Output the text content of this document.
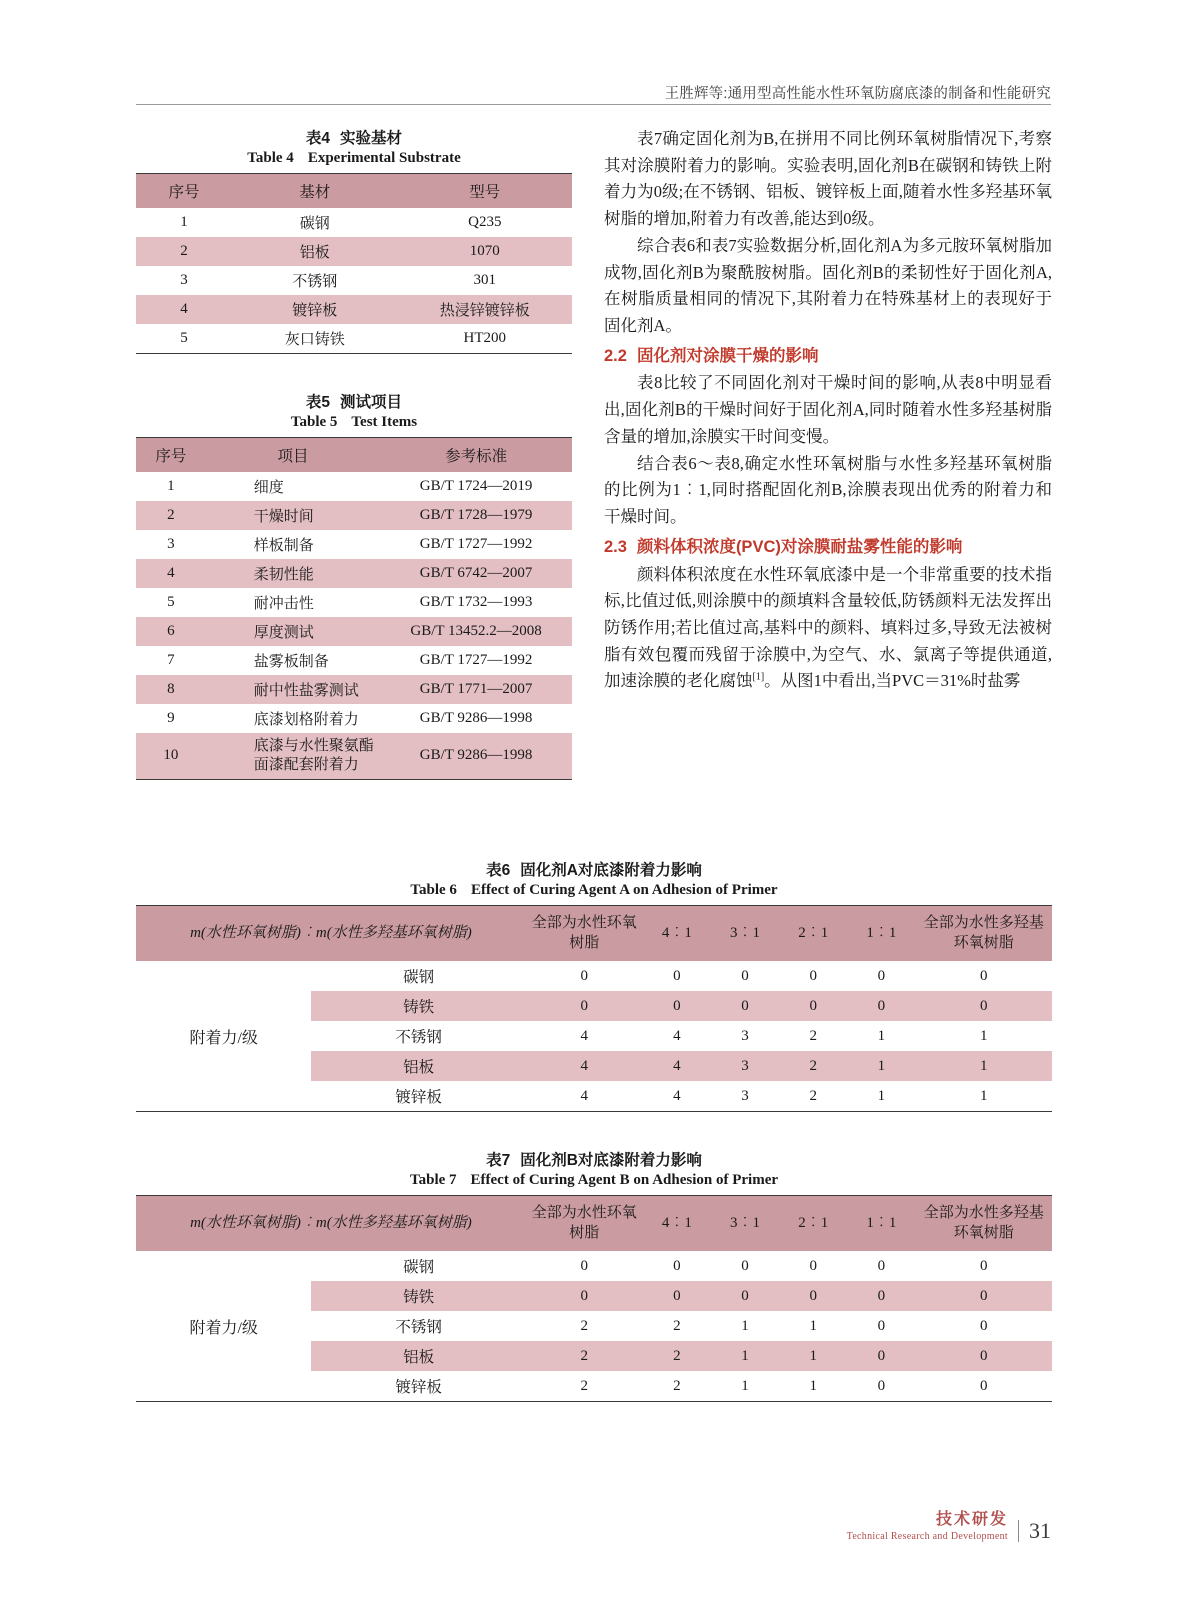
王胜辉等:通用型高性能水性环氧防腐底漆的制备和性能研究
表4 实验基材
Table 4 Experimental Substrate
序号	基材	型号
1	碳钢	Q235
2	铝板	1070
3	不锈钢	301
4	镀锌板	热浸锌镀锌板
5	灰口铸铁	HT200
表5 测试项目
Table 5 Test Items
序号	项目	参考标准
1	细度	GB/T 1724—2019
2	干燥时间	GB/T 1728—1979
3	样板制备	GB/T 1727—1992
4	柔韧性能	GB/T 6742—2007
5	耐冲击性	GB/T 1732—1993
6	厚度测试	GB/T 13452.2—2008
7	盐雾板制备	GB/T 1727—1992
8	耐中性盐雾测试	GB/T 1771—2007
9	底漆划格附着力	GB/T 9286—1998
10	底漆与水性聚氨酯面漆配套附着力	GB/T 9286—1998

表7确定固化剂为B,在拼用不同比例环氧树脂情况下,考察其对涂膜附着力的影响。实验表明,固化剂B在碳钢和铸铁上附着力为0级;在不锈钢、铝板、镀锌板上面,随着水性多羟基环氧树脂的增加,附着力有改善,能达到0级。

综合表6和表7实验数据分析,固化剂A为多元胺环氧树脂加成物,固化剂B为聚酰胺树脂。固化剂B的柔韧性好于固化剂A,在树脂质量相同的情况下,其附着力在特殊基材上的表现好于固化剂A。

2.2 固化剂对涂膜干燥的影响

表8比较了不同固化剂对干燥时间的影响,从表8中明显看出,固化剂B的干燥时间好于固化剂A,同时随着水性多羟基树脂含量的增加,涂膜实干时间变慢。

结合表6～表8,确定水性环氧树脂与水性多羟基环氧树脂的比例为1︰1,同时搭配固化剂B,涂膜表现出优秀的附着力和干燥时间。

2.3 颜料体积浓度(PVC)对涂膜耐盐雾性能的影响

颜料体积浓度在水性环氧底漆中是一个非常重要的技术指标,比值过低,则涂膜中的颜填料含量较低,防锈颜料无法发挥出防锈作用;若比值过高,基料中的颜料、填料过多,导致无法被树脂有效包覆而残留于涂膜中,为空气、水、氯离子等提供通道,加速涂膜的老化腐蚀[1]。从图1中看出,当PVC＝31%时盐雾

表6 固化剂A对底漆附着力影响
Table 6 Effect of Curing Agent A on Adhesion of Primer
m(水性环氧树脂)︰m(水性多羟基环氧树脂)		全部为水性环氧树脂	4︰1	3︰1	2︰1	1︰1	全部为水性多羟基环氧树脂
附着力/级	碳钢	0	0	0	0	0	0
	铸铁	0	0	0	0	0	0
	不锈钢	4	4	3	2	1	1
	铝板	4	4	3	2	1	1
	镀锌板	4	4	3	2	1	1
表7 固化剂B对底漆附着力影响
Table 7 Effect of Curing Agent B on Adhesion of Primer
m(水性环氧树脂)︰m(水性多羟基环氧树脂)		全部为水性环氧树脂	4︰1	3︰1	2︰1	1︰1	全部为水性多羟基环氧树脂
附着力/级	碳钢	0	0	0	0	0	0
	铸铁	0	0	0	0	0	0
	不锈钢	2	2	1	1	0	0
	铝板	2	2	1	1	0	0
	镀锌板	2	2	1	1	0	0
技术研发
Technical Research and Development 31
